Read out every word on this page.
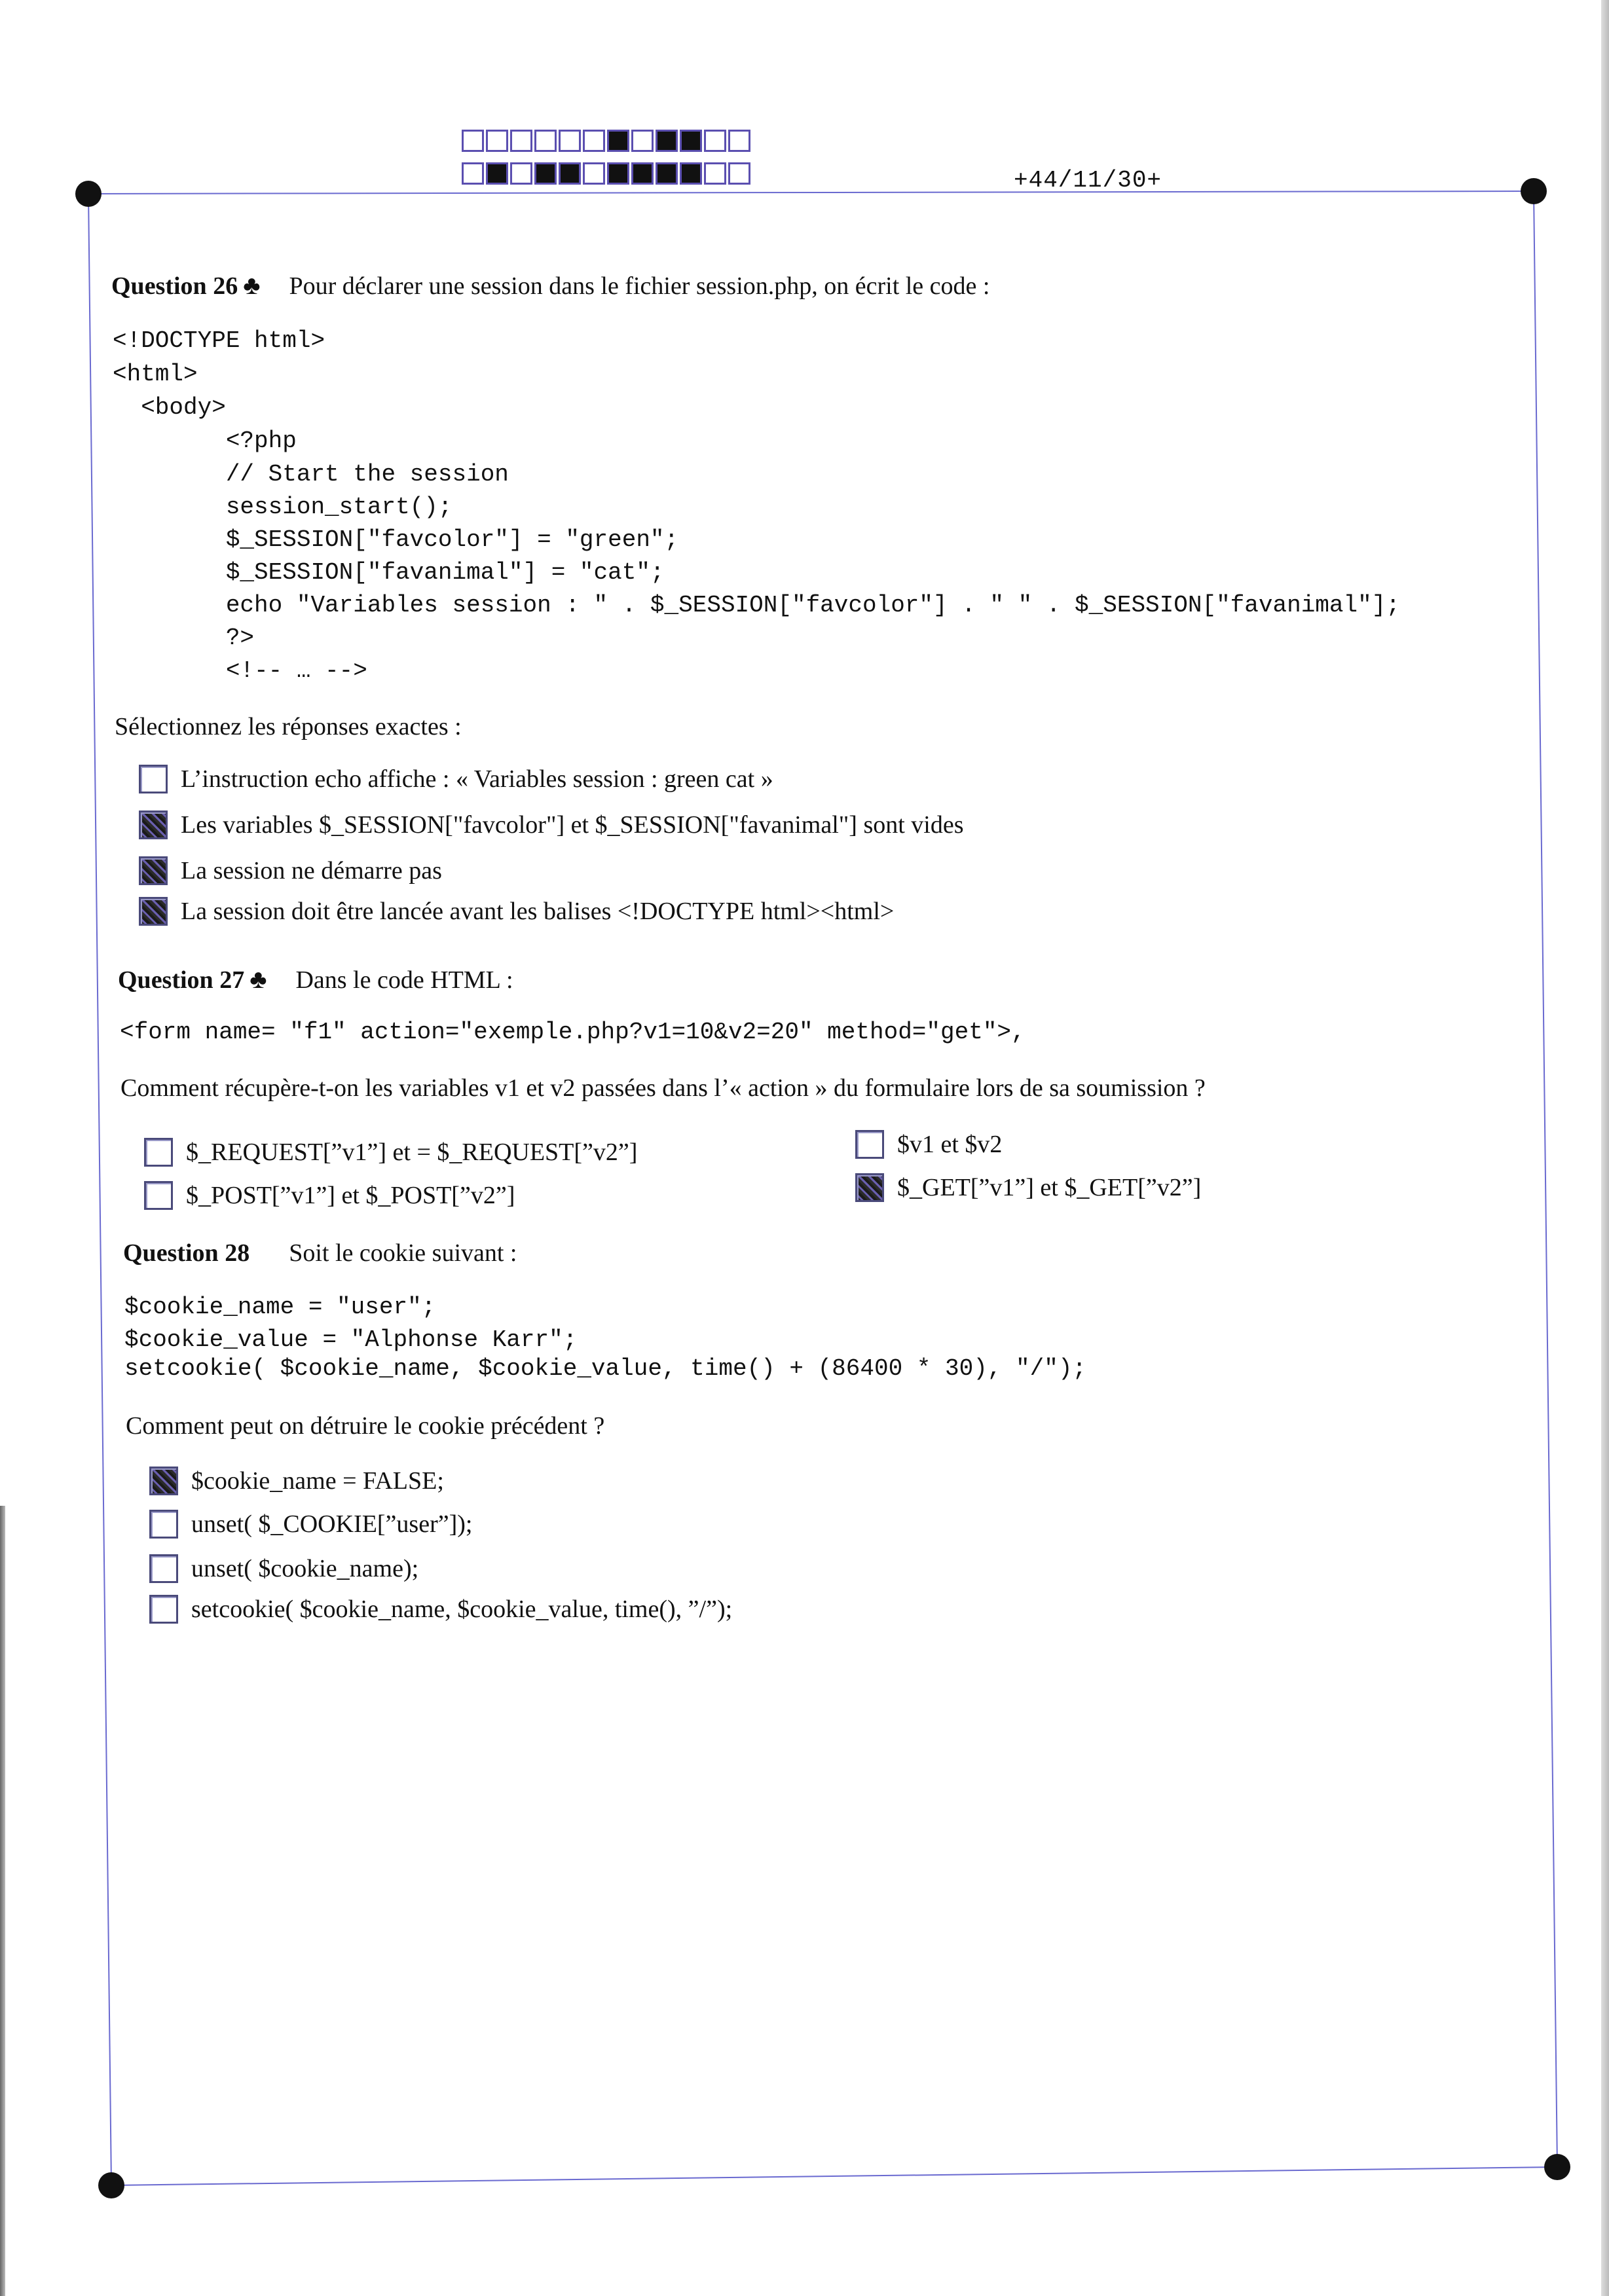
+44/11/30+
Question 26 ♣ Pour déclarer une session dans le fichier session.php, on écrit le code :
<!DOCTYPE html>
<html>
<body>
<?php
// Start the session
session_start();
$_SESSION["favcolor"] = "green";
$_SESSION["favanimal"] = "cat";
echo "Variables session : " . $_SESSION["favcolor"] . " " . $_SESSION["favanimal"];
?>
<!-- … -->
Sélectionnez les réponses exactes :
L’instruction echo affiche : « Variables session : green cat »
Les variables $_SESSION["favcolor"] et $_SESSION["favanimal"] sont vides
La session ne démarre pas
La session doit être lancée avant les balises <!DOCTYPE html><html>
Question 27 ♣ Dans le code HTML :
<form name= "f1" action="exemple.php?v1=10&v2=20" method="get">,
Comment récupère-t-on les variables v1 et v2 passées dans l’« action » du formulaire lors de sa soumission ?
$_REQUEST[”v1”] et = $_REQUEST[”v2”]
$_POST[”v1”] et $_POST[”v2”]
$v1 et $v2
$_GET[”v1”] et $_GET[”v2”]
Question 28 Soit le cookie suivant :
$cookie_name = "user";
$cookie_value = "Alphonse Karr";
setcookie( $cookie_name, $cookie_value, time() + (86400 * 30), "/");
Comment peut on détruire le cookie précédent ?
$cookie_name = FALSE;
unset( $_COOKIE[”user”]);
unset( $cookie_name);
setcookie( $cookie_name, $cookie_value, time(), ”/”);
